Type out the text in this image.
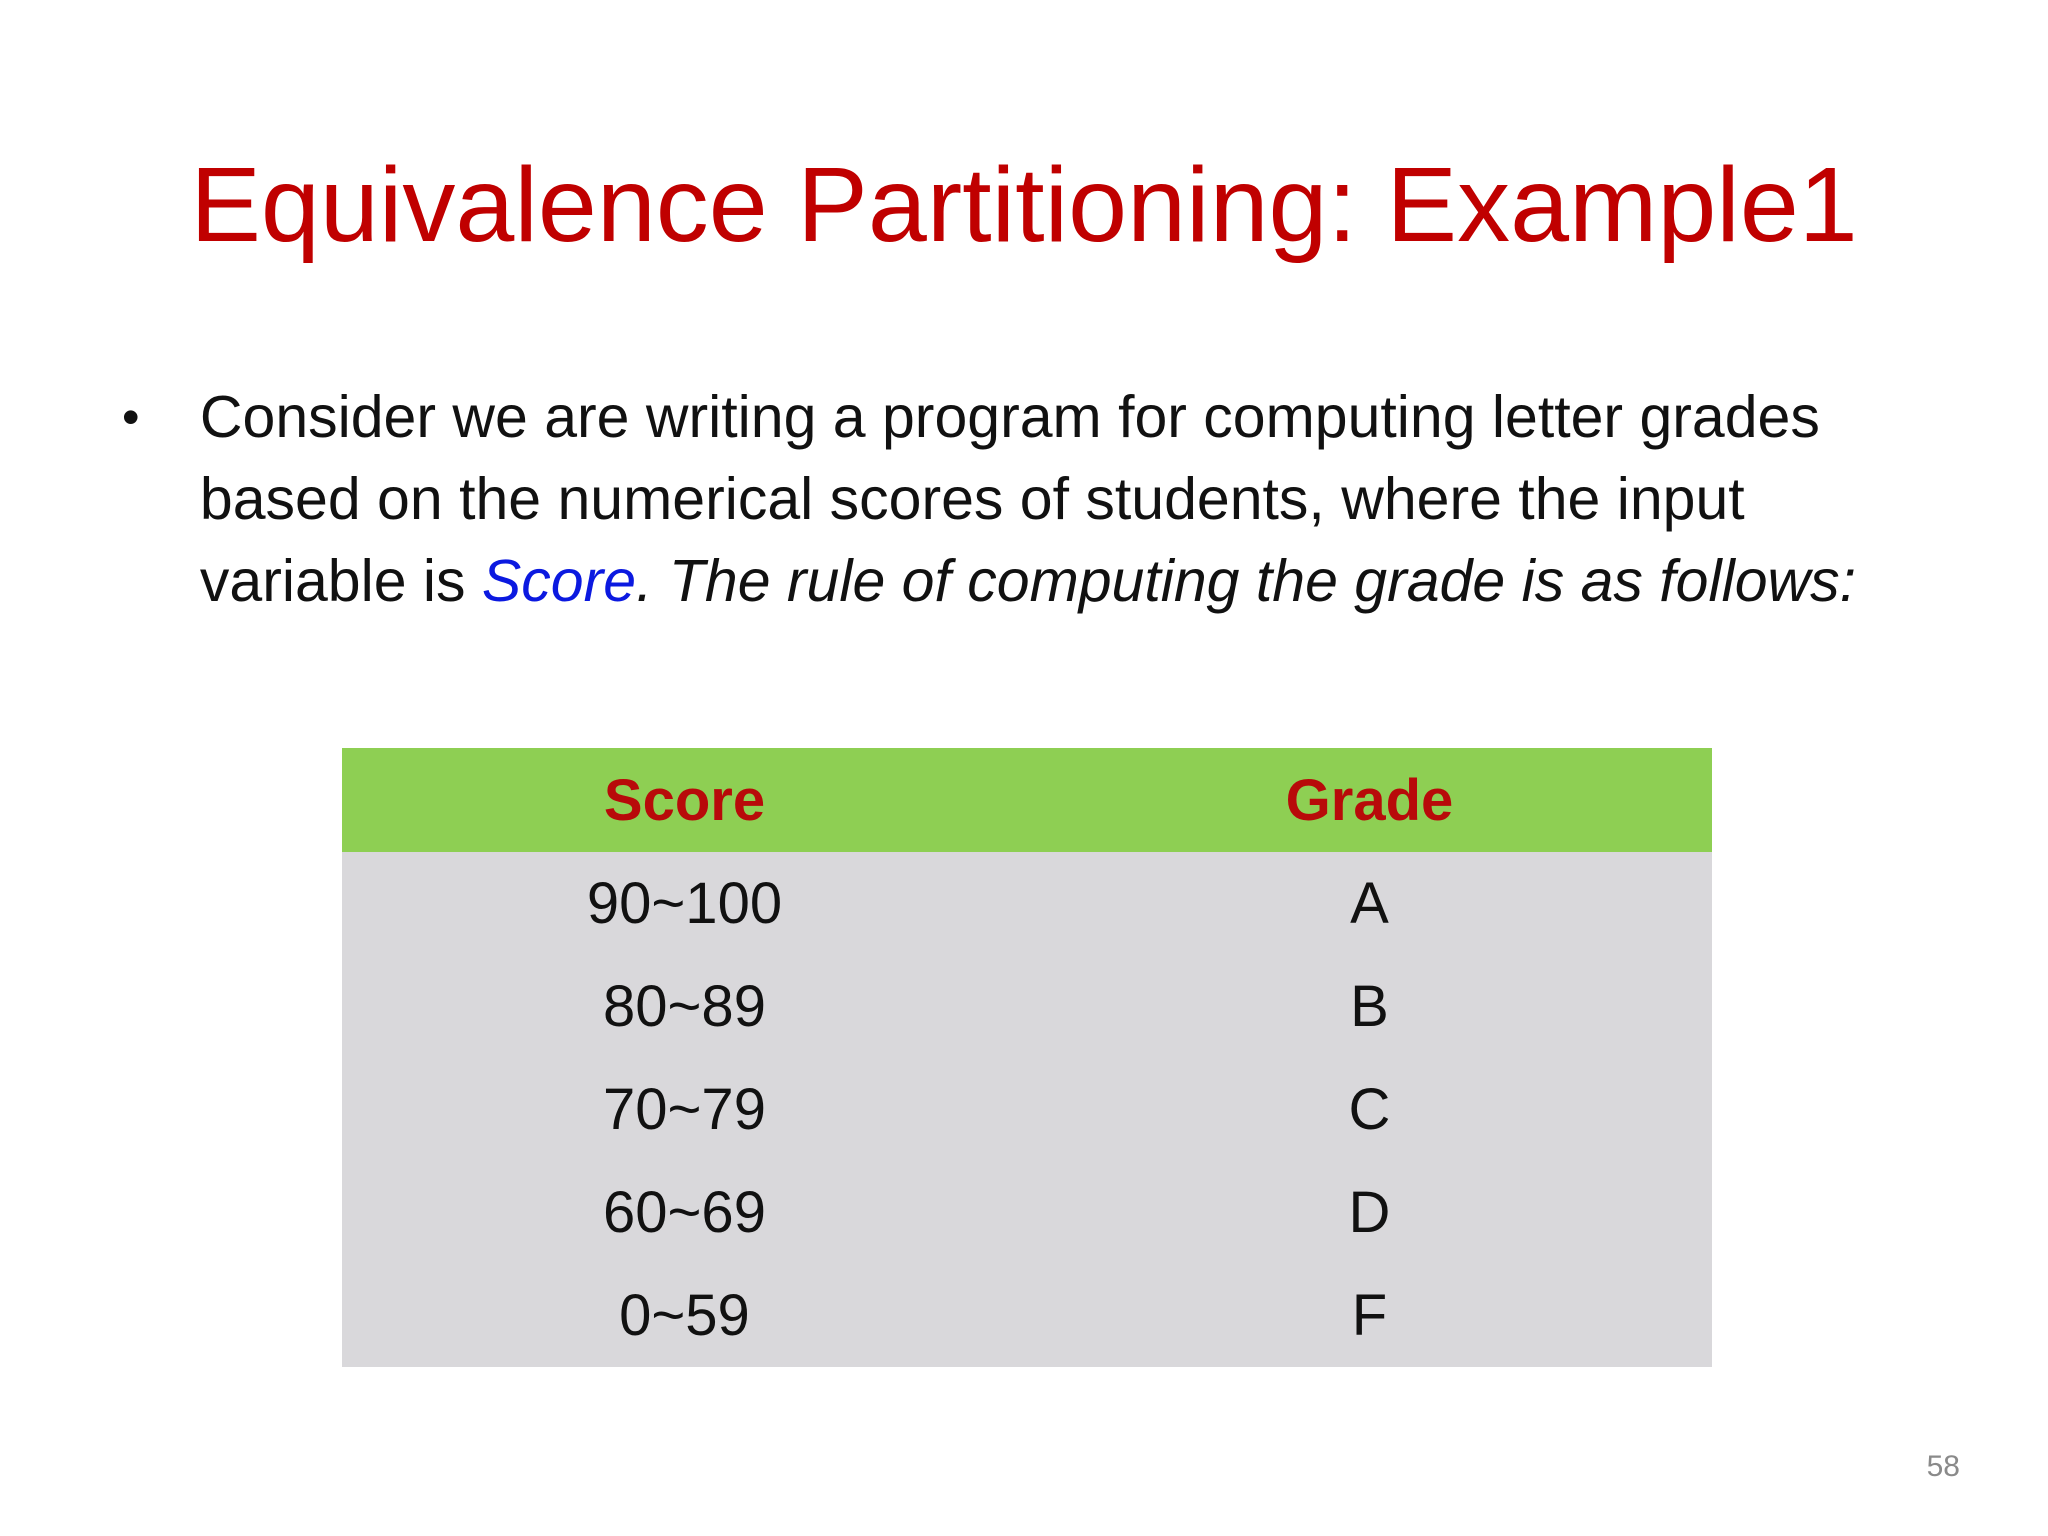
Equivalence Partitioning: Example1
•	Consider we are writing a program for computing letter grades based on the numerical scores of students, where the input variable is Score. The rule of computing the grade is as follows:
Score	Grade
90~100	A
80~89	B
70~79	C
60~69	D
0~59	F
58
